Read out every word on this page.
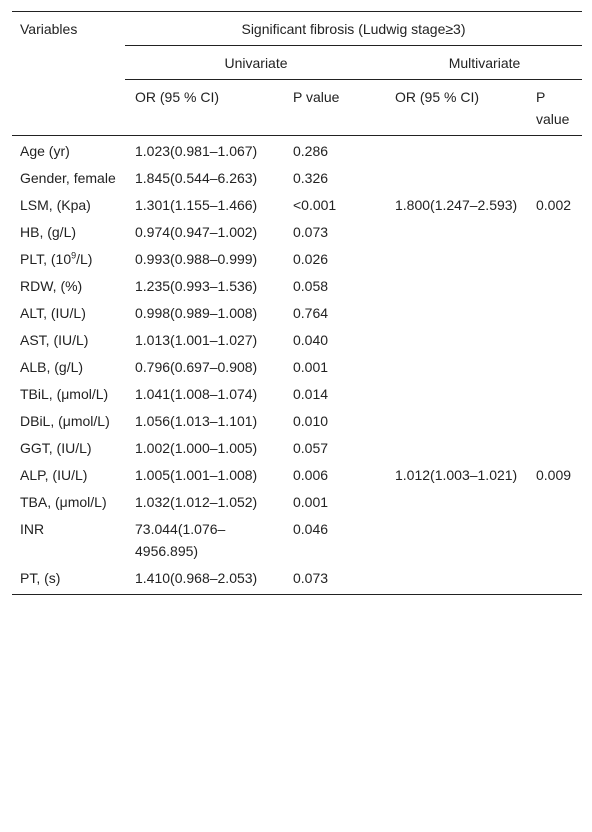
Variables	Significant fibrosis (Ludwig stage≥3)			
	Univariate		Multivariate	
	OR (95 % CI)	P value	OR (95 % CI)	P value
Age (yr)	1.023(0.981–1.067)	0.286		
Gender, female	1.845(0.544–6.263)	0.326		
LSM, (Kpa)	1.301(1.155–1.466)	<0.001	1.800(1.247–2.593)	0.002
HB, (g/L)	0.974(0.947–1.002)	0.073		
PLT, $(10^9/L)$	0.993(0.988–0.999)	0.026		
RDW, (%)	1.235(0.993–1.536)	0.058		
ALT, (IU/L)	0.998(0.989–1.008)	0.764		
AST, (IU/L)	1.013(1.001–1.027)	0.040		
ALB, (g/L)	0.796(0.697–0.908)	0.001		
TBiL, (μmol/L)	1.041(1.008–1.074)	0.014		
DBiL, (μmol/L)	1.056(1.013–1.101)	0.010		
GGT, (IU/L)	1.002(1.000–1.005)	0.057		
ALP, (IU/L)	1.005(1.001–1.008)	0.006	1.012(1.003–1.021)	0.009
TBA, (μmol/L)	1.032(1.012–1.052)	0.001		
INR	73.044(1.076–4956.895)	0.046		
PT, (s)	1.410(0.968–2.053)	0.073		
